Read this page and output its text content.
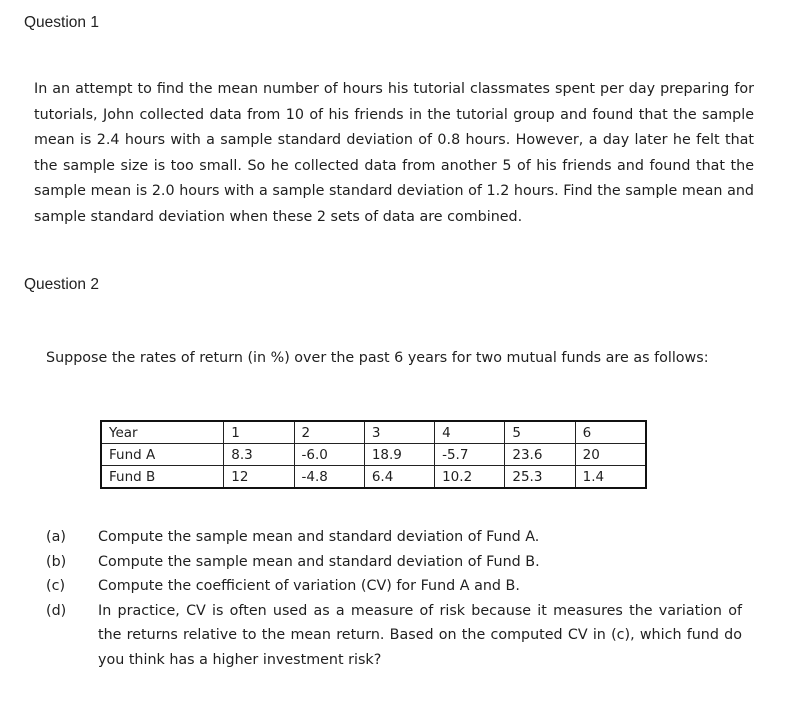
Question 1

In an attempt to find the mean number of hours his tutorial classmates spent per day preparing for tutorials, John collected data from 10 of his friends in the tutorial group and found that the sample mean is 2.4 hours with a sample standard deviation of 0.8 hours. However, a day later he felt that the sample size is too small. So he collected data from another 5 of his friends and found that the sample mean is 2.0 hours with a sample standard deviation of 1.2 hours. Find the sample mean and sample standard deviation when these 2 sets of data are combined.

Question 2

Suppose the rates of return (in %) over the past 6 years for two mutual funds are as follows:

Year	1	2	3	4	5	6
Fund A	8.3	-6.0	18.9	-5.7	23.6	20
Fund B	12	-4.8	6.4	10.2	25.3	1.4
(a)	Compute the sample mean and standard deviation of Fund A.
(b)	Compute the sample mean and standard deviation of Fund B.
(c)	Compute the coefficient of variation (CV) for Fund A and B.
(d)	In practice, CV is often used as a measure of risk because it measures the variation of the returns relative to the mean return. Based on the computed CV in (c), which fund do you think has a higher investment risk?
